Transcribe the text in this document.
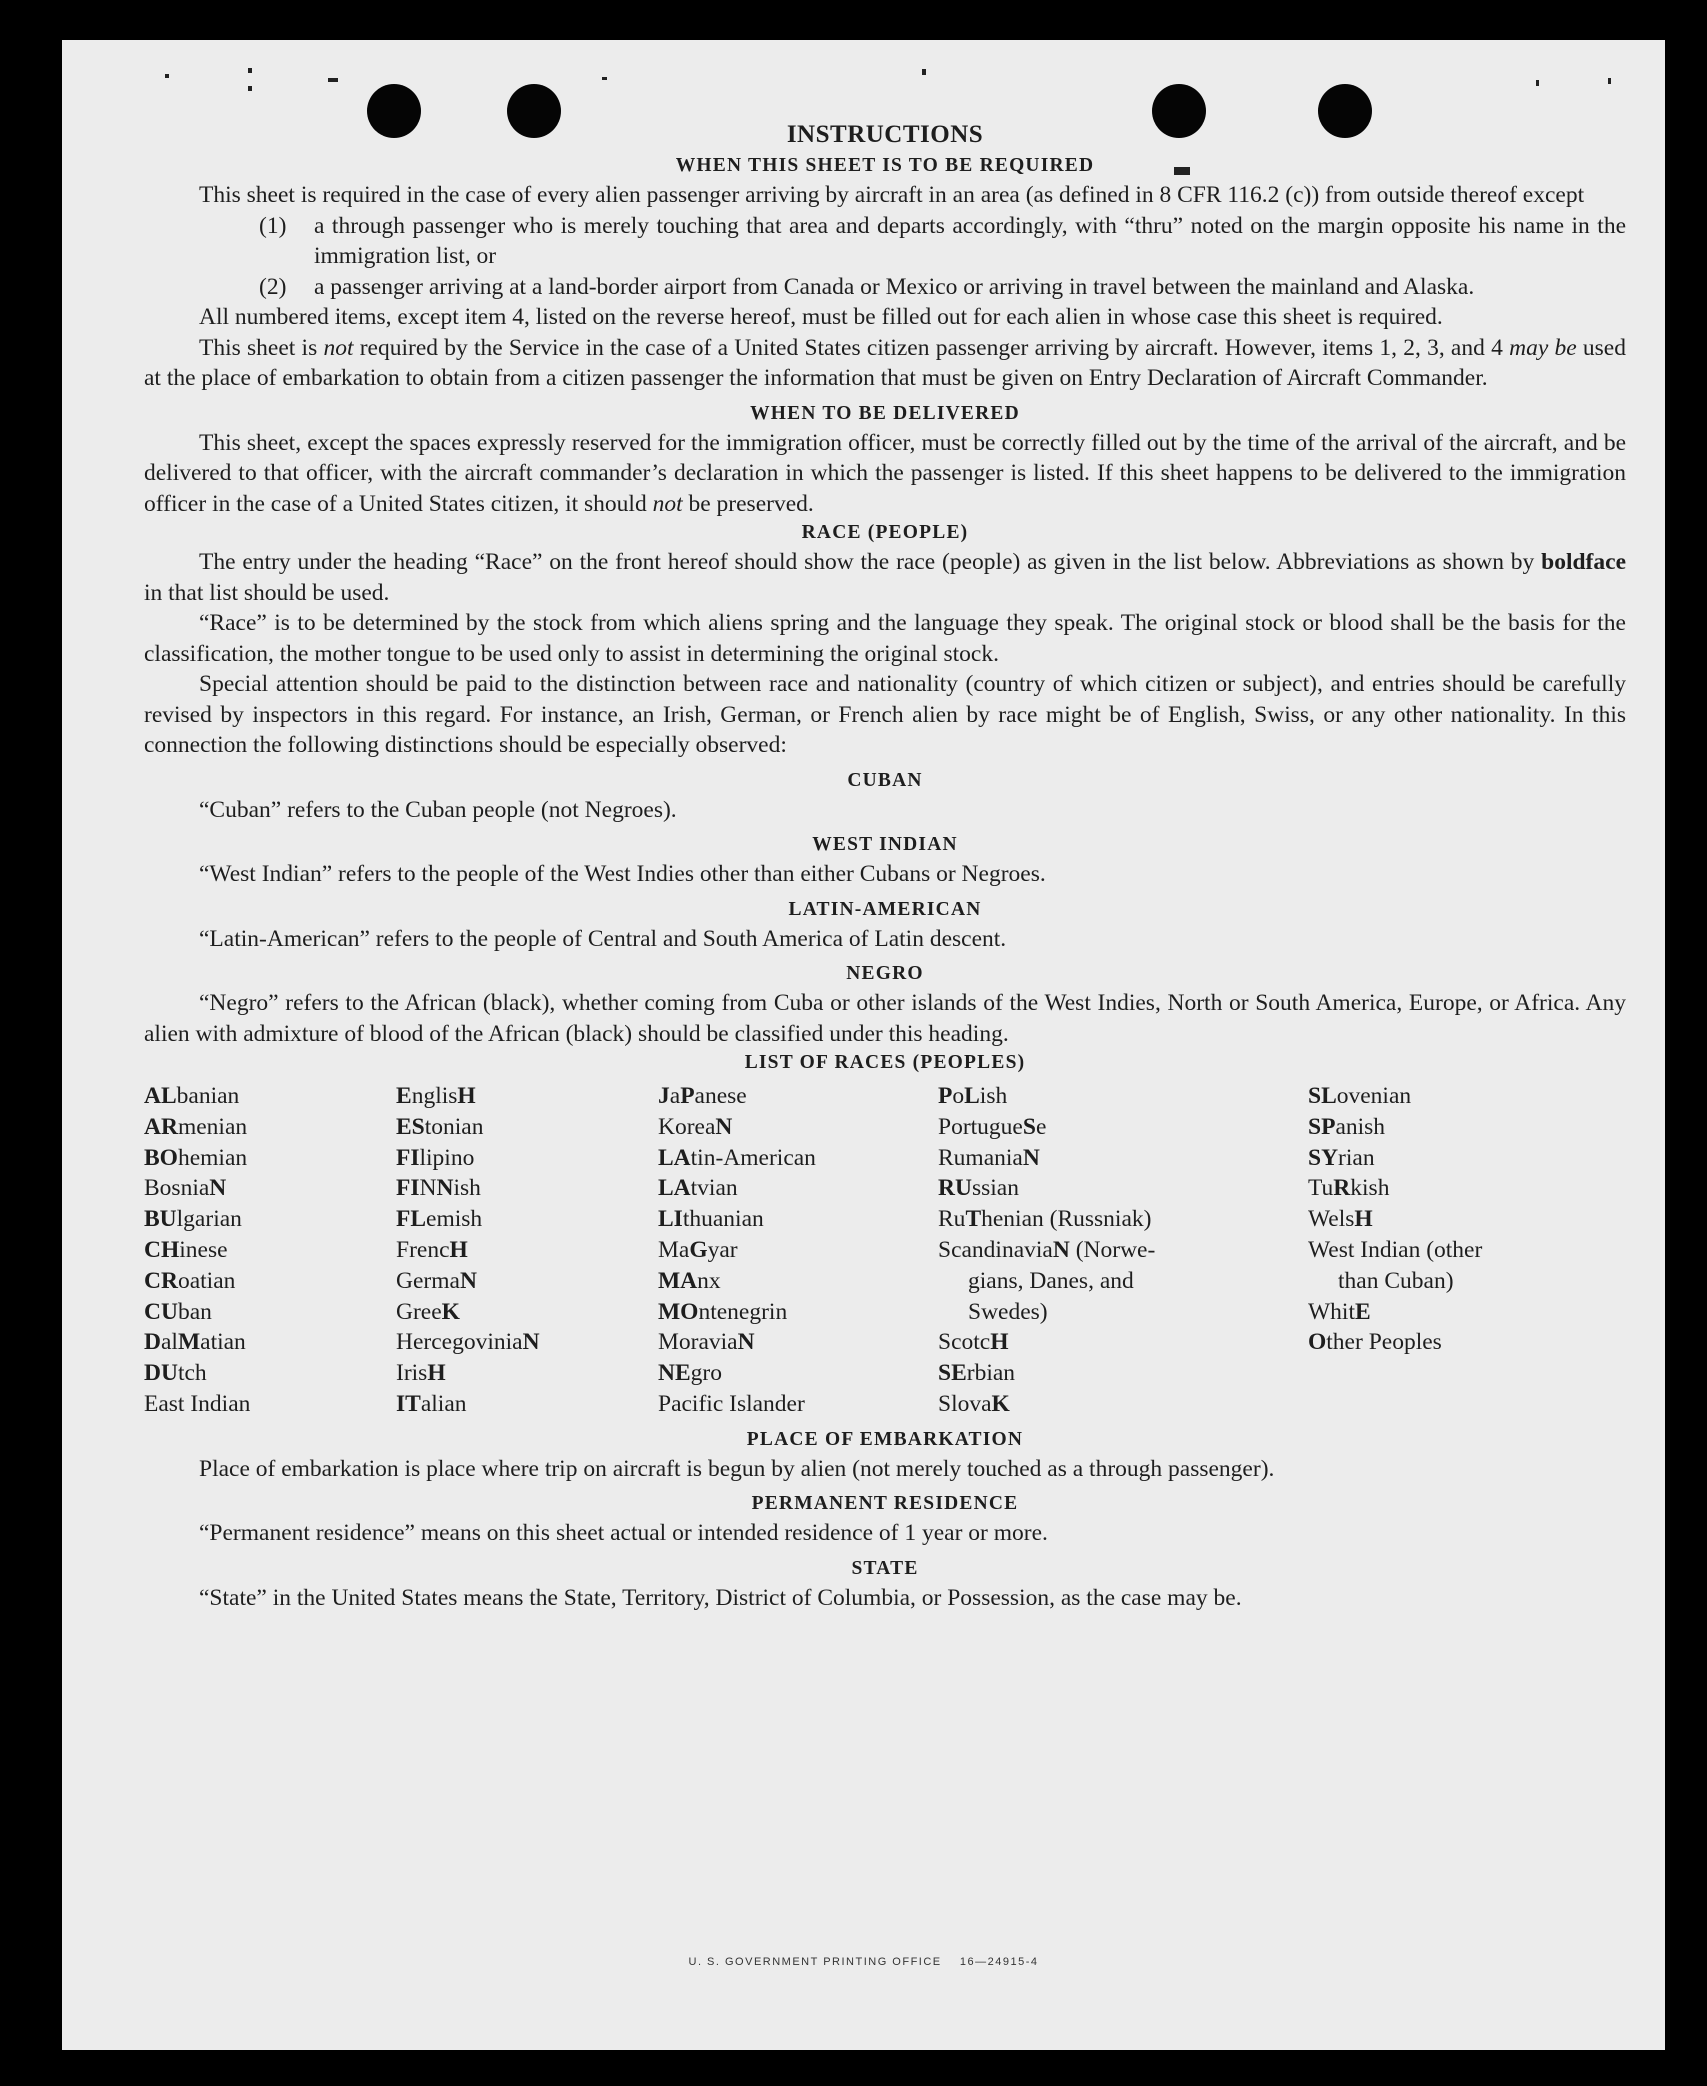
INSTRUCTIONS
WHEN THIS SHEET IS TO BE REQUIRED

This sheet is required in the case of every alien passenger arriving by aircraft in an area (as defined in 8 CFR 116.2 (c)) from outside thereof except

(1)	a through passenger who is merely touching that area and departs accordingly, with “thru” noted on the margin opposite his name in the immigration list, or
(2)	a passenger arriving at a land-border airport from Canada or Mexico or arriving in travel between the mainland and Alaska.

All numbered items, except item 4, listed on the reverse hereof, must be filled out for each alien in whose case this sheet is required.

This sheet is not required by the Service in the case of a United States citizen passenger arriving by aircraft. However, items 1, 2, 3, and 4 may be used at the place of embarkation to obtain from a citizen passenger the information that must be given on Entry Declaration of Aircraft Commander.

WHEN TO BE DELIVERED

This sheet, except the spaces expressly reserved for the immigration officer, must be correctly filled out by the time of the arrival of the aircraft, and be delivered to that officer, with the aircraft commander’s declaration in which the passenger is listed. If this sheet happens to be delivered to the immigration officer in the case of a United States citizen, it should not be preserved.

RACE (PEOPLE)

The entry under the heading “Race” on the front hereof should show the race (people) as given in the list below. Abbreviations as shown by boldface in that list should be used.

“Race” is to be determined by the stock from which aliens spring and the language they speak. The original stock or blood shall be the basis for the classification, the mother tongue to be used only to assist in determining the original stock.

Special attention should be paid to the distinction between race and nationality (country of which citizen or subject), and entries should be carefully revised by inspectors in this regard. For instance, an Irish, German, or French alien by race might be of English, Swiss, or any other nationality. In this connection the following distinctions should be especially observed:

CUBAN

“Cuban” refers to the Cuban people (not Negroes).

WEST INDIAN

“West Indian” refers to the people of the West Indies other than either Cubans or Negroes.

LATIN-AMERICAN

“Latin-American” refers to the people of Central and South America of Latin descent.

NEGRO

“Negro” refers to the African (black), whether coming from Cuba or other islands of the West Indies, North or South America, Europe, or Africa. Any alien with admixture of blood of the African (black) should be classified under this heading.

LIST OF RACES (PEOPLES)
ALbanian
ARmenian
BOhemian
BosniaN
BUlgarian
CHinese
CRoatian
CUban
DalMatian
DUtch
East Indian
EnglisH
EStonian
FIlipino
FINNish
FLemish
FrencH
GermaN
GreeK
HercegoviniaN
IrisH
ITalian
JaPanese
KoreaN
LAtin-American
LAtvian
LIthuanian
MaGyar
MAnx
MOntenegrin
MoraviaN
NEgro
Pacific Islander
PoLish
PortugueSe
RumaniaN
RUssian
RuThenian (Russniak)
ScandinaviaN (Norwe-
gians, Danes, and
Swedes)
ScotcH
SErbian
SlovaK
SLovenian
SPanish
SYrian
TuRkish
WelsH
West Indian (other
than Cuban)
WhitE
Other Peoples
PLACE OF EMBARKATION

Place of embarkation is place where trip on aircraft is begun by alien (not merely touched as a through passenger).

PERMANENT RESIDENCE

“Permanent residence” means on this sheet actual or intended residence of 1 year or more.

STATE

“State” in the United States means the State, Territory, District of Columbia, or Possession, as the case may be.

U. S. GOVERNMENT PRINTING OFFICE    16—24915-4
